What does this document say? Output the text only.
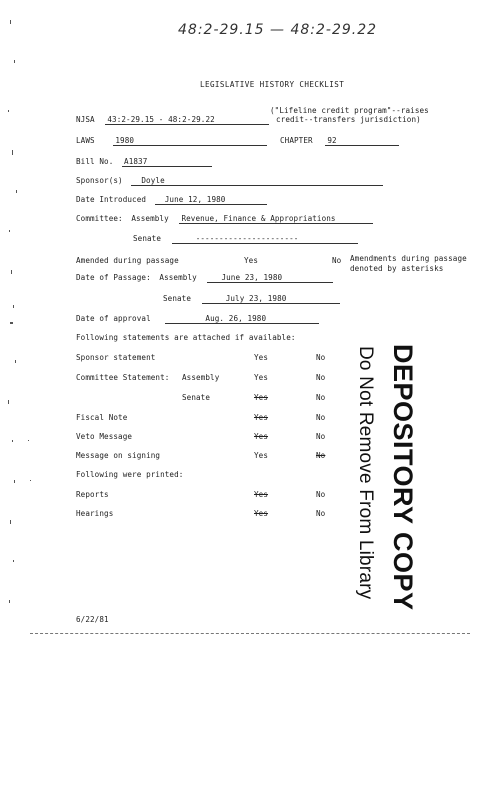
48:2-29.15 — 48:2-29.22
LEGISLATIVE HISTORY CHECKLIST
NJSA 43:2-29.15 - 48:2-29.22
("Lifeline credit program"--raises
credit--transfers jurisdiction)
LAWS	1980	CHAPTER 92
Bill No. A1837
Sponsor(s) Doyle
Date Introduced June 12, 1980
Committee: Assembly Revenue, Finance & Appropriations
Senate	----------------------
Amended during passage	Yes	No Amendments during passage
denoted by asterisks
Date of Passage: Assembly	June 23, 1980
Senate	July 23, 1980
Date of approval	Aug. 26, 1980
Following statements are attached if available:
Sponsor statement	Yes	No
Committee Statement: Assembly	Yes	No
Senate	Yes	No
Fiscal Note	Yes	No
Veto Message	Yes	No
Message on signing	Yes	No
Following were printed:
Reports	Yes	No
Hearings	Yes	No DEPOSITORY COPY
Do Not Remove From Library
6/22/81
